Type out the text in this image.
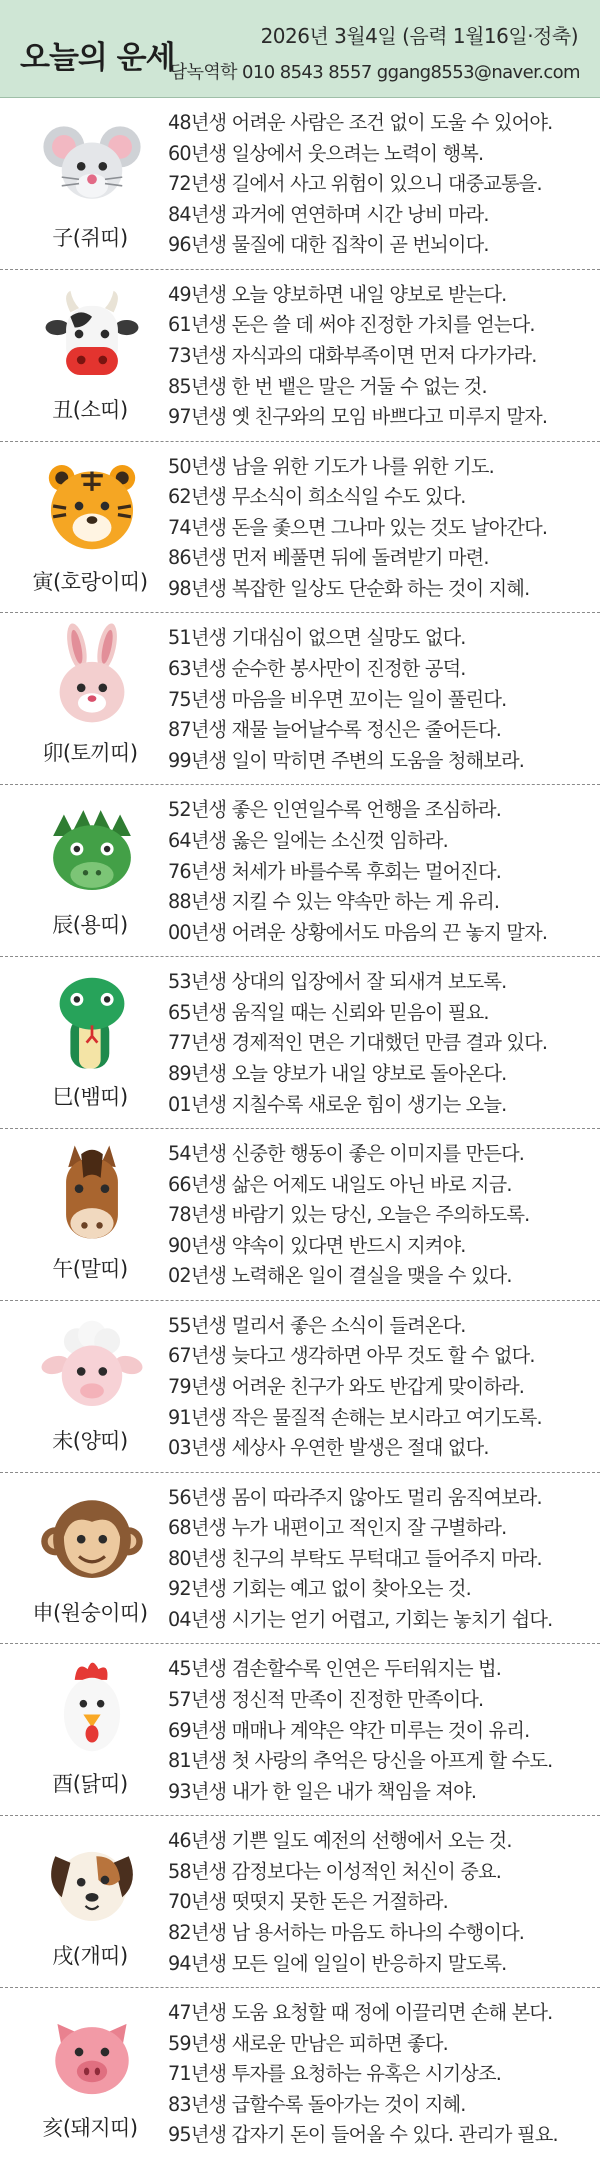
오늘의 운세
2026년 3월4일 (음력 1월16일·정축)
담녹역학 010 8543 8557 ggang8553@naver.com
子(쥐띠)
48년생 어려운 사람은 조건 없이 도울 수 있어야.
60년생 일상에서 웃으려는 노력이 행복.
72년생 길에서 사고 위험이 있으니 대중교통을.
84년생 과거에 연연하며 시간 낭비 마라.
96년생 물질에 대한 집착이 곧 번뇌이다.
丑(소띠)
49년생 오늘 양보하면 내일 양보로 받는다.
61년생 돈은 쓸 데 써야 진정한 가치를 얻는다.
73년생 자식과의 대화부족이면 먼저 다가가라.
85년생 한 번 뱉은 말은 거둘 수 없는 것.
97년생 옛 친구와의 모임 바쁘다고 미루지 말자.
寅(호랑이띠)
50년생 남을 위한 기도가 나를 위한 기도.
62년생 무소식이 희소식일 수도 있다.
74년생 돈을 좇으면 그나마 있는 것도 날아간다.
86년생 먼저 베풀면 뒤에 돌려받기 마련.
98년생 복잡한 일상도 단순화 하는 것이 지혜.
卯(토끼띠)
51년생 기대심이 없으면 실망도 없다.
63년생 순수한 봉사만이 진정한 공덕.
75년생 마음을 비우면 꼬이는 일이 풀린다.
87년생 재물 늘어날수록 정신은 줄어든다.
99년생 일이 막히면 주변의 도움을 청해보라.
辰(용띠)
52년생 좋은 인연일수록 언행을 조심하라.
64년생 옳은 일에는 소신껏 임하라.
76년생 처세가 바를수록 후회는 멀어진다.
88년생 지킬 수 있는 약속만 하는 게 유리.
00년생 어려운 상황에서도 마음의 끈 놓지 말자.
巳(뱀띠)
53년생 상대의 입장에서 잘 되새겨 보도록.
65년생 움직일 때는 신뢰와 믿음이 필요.
77년생 경제적인 면은 기대했던 만큼 결과 있다.
89년생 오늘 양보가 내일 양보로 돌아온다.
01년생 지칠수록 새로운 힘이 생기는 오늘.
午(말띠)
54년생 신중한 행동이 좋은 이미지를 만든다.
66년생 삶은 어제도 내일도 아닌 바로 지금.
78년생 바람기 있는 당신, 오늘은 주의하도록.
90년생 약속이 있다면 반드시 지켜야.
02년생 노력해온 일이 결실을 맺을 수 있다.
未(양띠)
55년생 멀리서 좋은 소식이 들려온다.
67년생 늦다고 생각하면 아무 것도 할 수 없다.
79년생 어려운 친구가 와도 반갑게 맞이하라.
91년생 작은 물질적 손해는 보시라고 여기도록.
03년생 세상사 우연한 발생은 절대 없다.
申(원숭이띠)
56년생 몸이 따라주지 않아도 멀리 움직여보라.
68년생 누가 내편이고 적인지 잘 구별하라.
80년생 친구의 부탁도 무턱대고 들어주지 마라.
92년생 기회는 예고 없이 찾아오는 것.
04년생 시기는 얻기 어렵고, 기회는 놓치기 쉽다.
酉(닭띠)
45년생 겸손할수록 인연은 두터워지는 법.
57년생 정신적 만족이 진정한 만족이다.
69년생 매매나 계약은 약간 미루는 것이 유리.
81년생 첫 사랑의 추억은 당신을 아프게 할 수도.
93년생 내가 한 일은 내가 책임을 져야.
戌(개띠)
46년생 기쁜 일도 예전의 선행에서 오는 것.
58년생 감정보다는 이성적인 처신이 중요.
70년생 떳떳지 못한 돈은 거절하라.
82년생 남 용서하는 마음도 하나의 수행이다.
94년생 모든 일에 일일이 반응하지 말도록.
亥(돼지띠)
47년생 도움 요청할 때 정에 이끌리면 손해 본다.
59년생 새로운 만남은 피하면 좋다.
71년생 투자를 요청하는 유혹은 시기상조.
83년생 급할수록 돌아가는 것이 지혜.
95년생 갑자기 돈이 들어올 수 있다. 관리가 필요.
